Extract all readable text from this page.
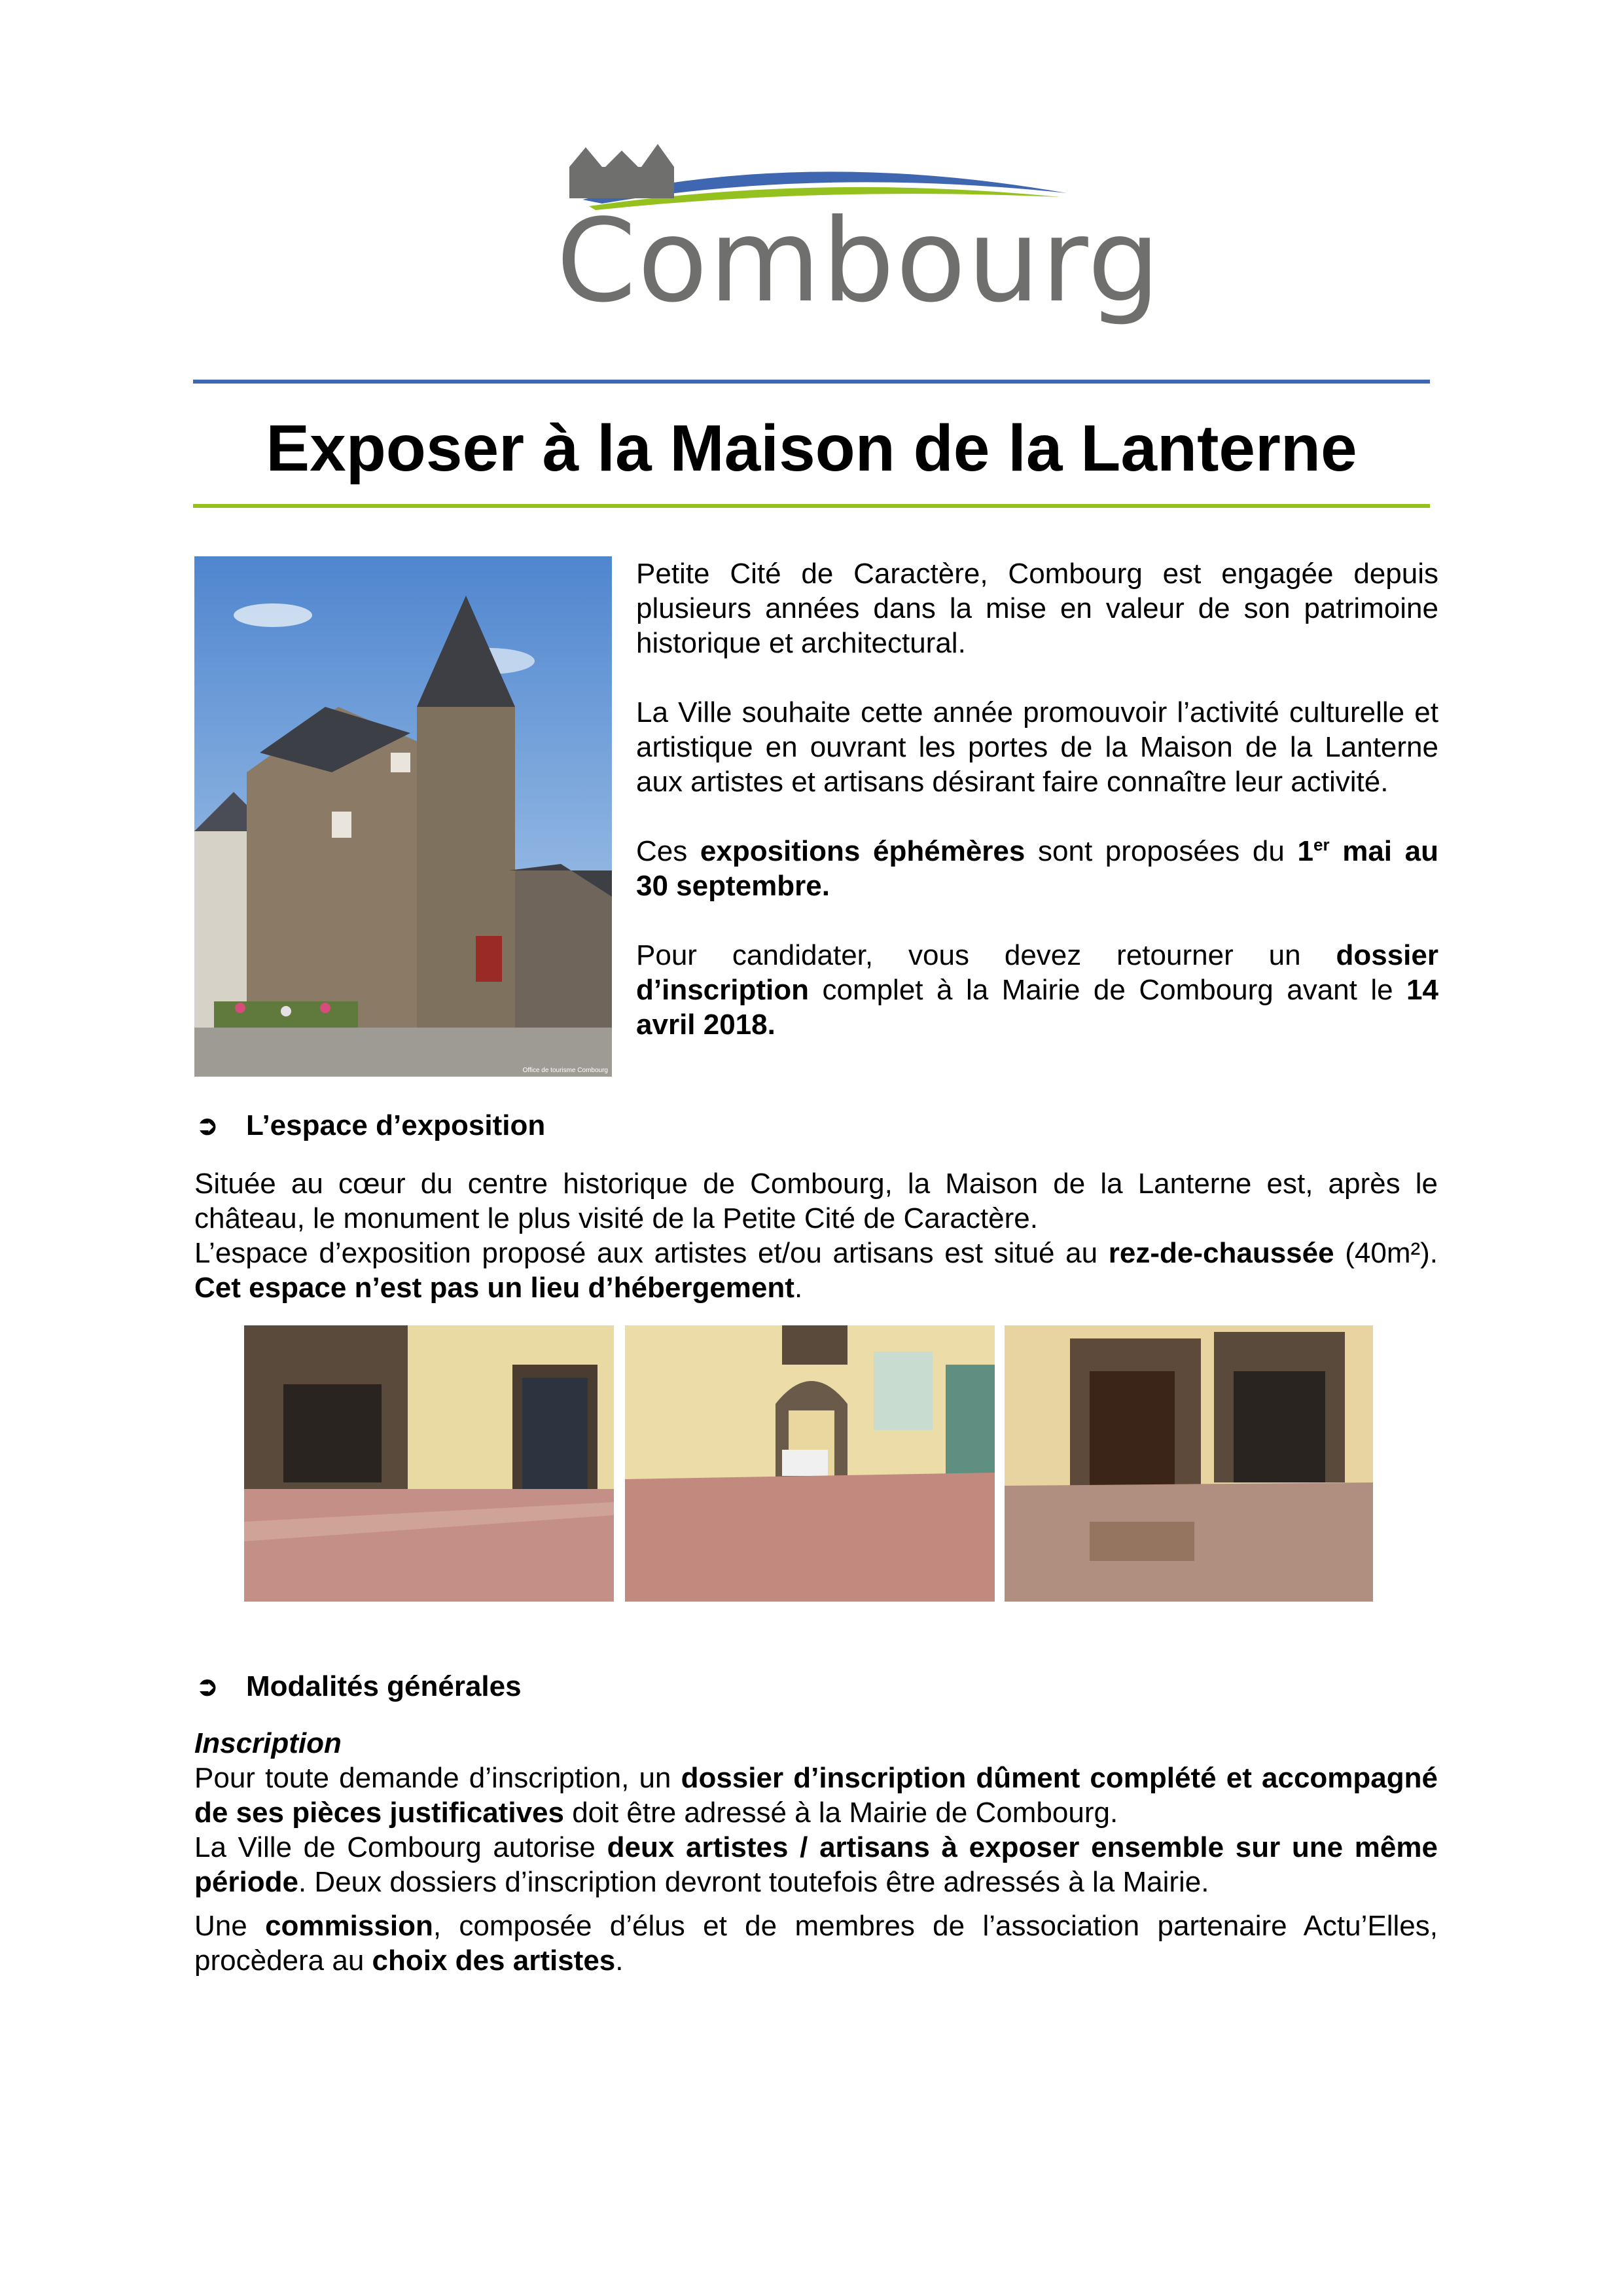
Combourg
Exposer à la Maison de la Lanterne
Office de tourisme Combourg

Petite Cité de Caractère, Combourg est engagée depuis plusieurs années dans la mise en valeur de son patrimoine historique et architectural.

La Ville souhaite cette année promouvoir l’activité culturelle et artistique en ouvrant les portes de la Maison de la Lanterne aux artistes et artisans désirant faire connaître leur activité.

Ces expositions éphémères sont proposées du 1er mai au 30 septembre.

Pour candidater, vous devez retourner un dossier d’inscription complet à la Mairie de Combourg avant le 14 avril 2018.

➲ L’espace d’exposition

Située au cœur du centre historique de Combourg, la Maison de la Lanterne est, après le château, le monument le plus visité de la Petite Cité de Caractère.

L’espace d’exposition proposé aux artistes et/ou artisans est situé au rez-de-chaussée (40m²). Cet espace n’est pas un lieu d’hébergement.

➲ Modalités générales

Inscription

Pour toute demande d’inscription, un dossier d’inscription dûment complété et accompagné de ses pièces justificatives doit être adressé à la Mairie de Combourg.

La Ville de Combourg autorise deux artistes / artisans à exposer ensemble sur une même période. Deux dossiers d’inscription devront toutefois être adressés à la Mairie.

Une commission, composée d’élus et de membres de l’association partenaire Actu’Elles, procèdera au choix des artistes.
